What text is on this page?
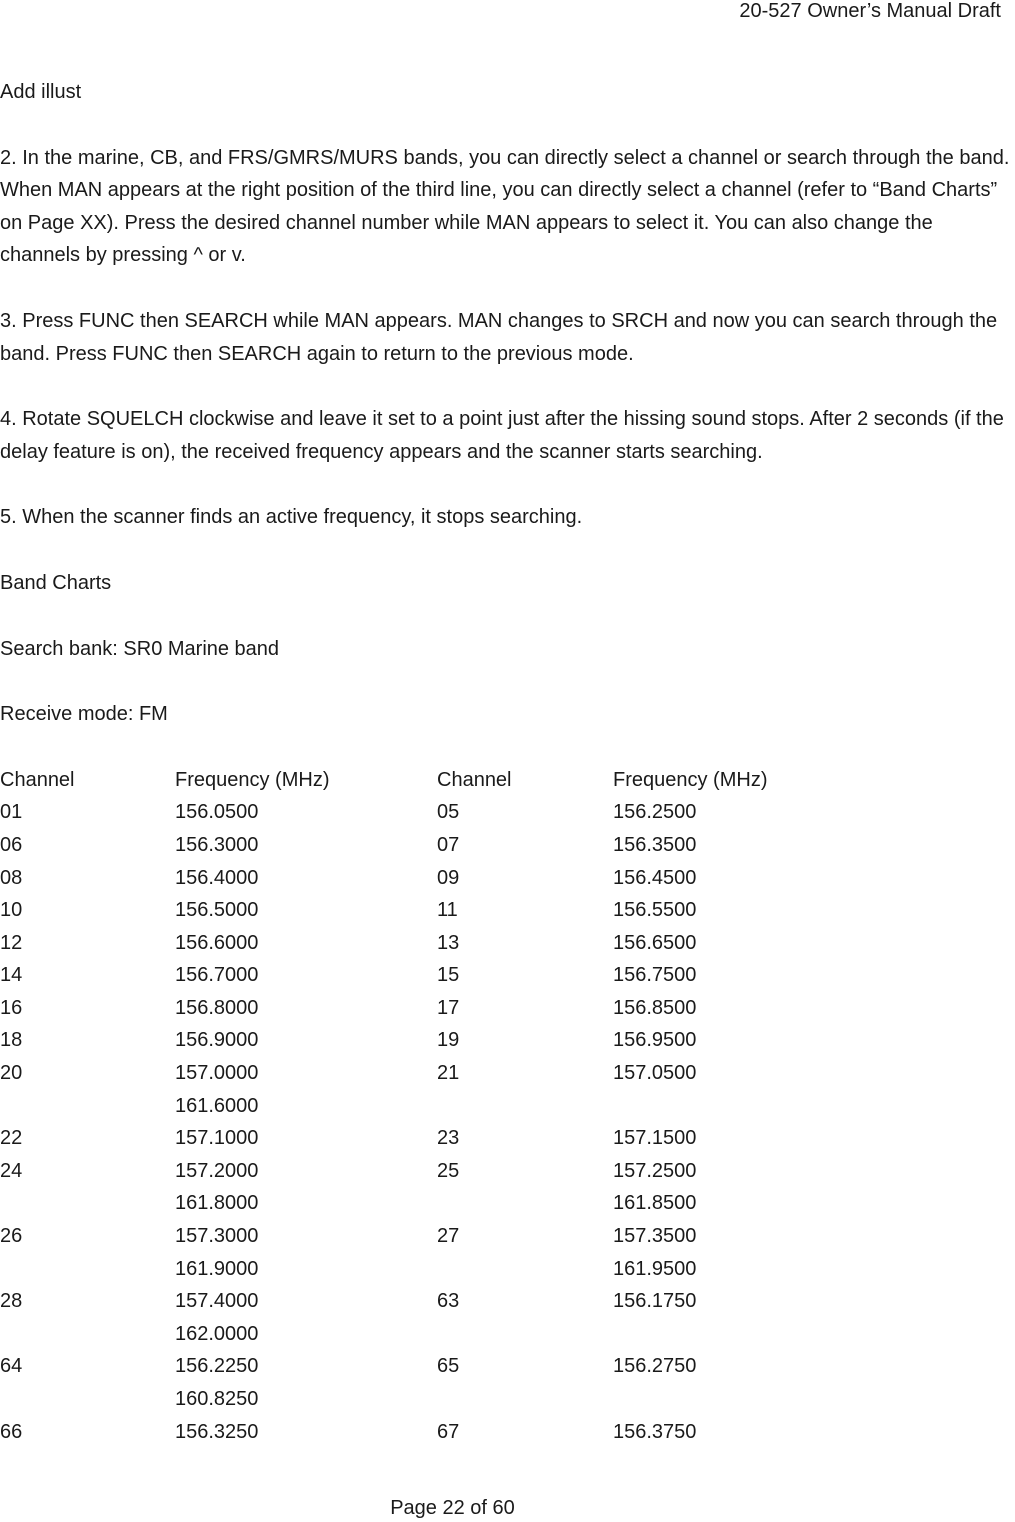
20-527 Owner’s Manual Draft

Add illust

2. In the marine, CB, and FRS/GMRS/MURS bands, you can directly select a channel or search through the band. When MAN appears at the right position of the third line, you can directly select a channel (refer to “Band Charts” on Page XX). Press the desired channel number while MAN appears to select it. You can also change the channels by pressing ^ or v.

3. Press FUNC then SEARCH while MAN appears. MAN changes to SRCH and now you can search through the band. Press FUNC then SEARCH again to return to the previous mode.

4. Rotate SQUELCH clockwise and leave it set to a point just after the hissing sound stops. After 2 seconds (if the delay feature is on), the received frequency appears and the scanner starts searching.

5. When the scanner finds an active frequency, it stops searching.

Band Charts

Search bank: SR0 Marine band

Receive mode: FM

Channel	Frequency (MHz)	Channel	Frequency (MHz)
01	156.0500	05	156.2500
06	156.3000	07	156.3500
08	156.4000	09	156.4500
10	156.5000	11	156.5500
12	156.6000	13	156.6500
14	156.7000	15	156.7500
16	156.8000	17	156.8500
18	156.9000	19	156.9500
20	157.0000	21	157.0500
	161.6000		
22	157.1000	23	157.1500
24	157.2000	25	157.2500
	161.8000		161.8500
26	157.3000	27	157.3500
	161.9000		161.9500
28	157.4000	63	156.1750
	162.0000		
64	156.2250	65	156.2750
	160.8250		
66	156.3250	67	156.3750
Page 22 of 60
